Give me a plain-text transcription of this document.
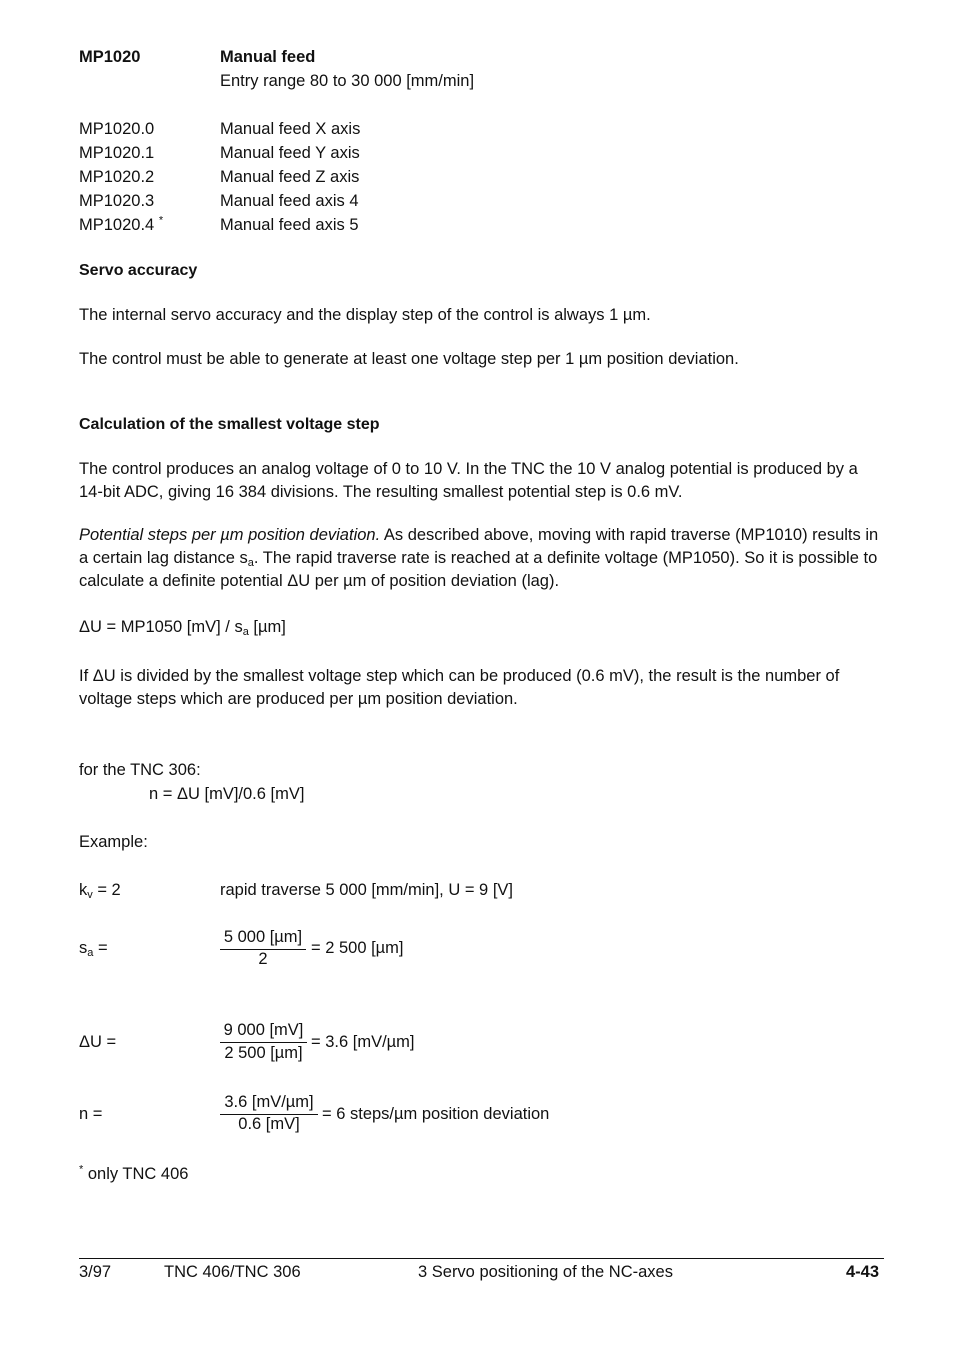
MP1020	Manual feed
Entry range 80 to 30 000 [mm/min]
MP1020.0	Manual feed X axis
MP1020.1	Manual feed Y axis
MP1020.2	Manual feed Z axis
MP1020.3	Manual feed axis 4
MP1020.4 *	Manual feed axis 5
Servo accuracy
The internal servo accuracy and the display step of the control is always 1 µm.
The control must be able to generate at least one voltage step per 1 µm position deviation.
Calculation of the smallest voltage step
The control produces an analog voltage of 0 to 10 V. In the TNC the 10 V analog potential is produced by a 14-bit ADC, giving 16 384 divisions. The resulting smallest potential step is 0.6 mV.
Potential steps per µm position deviation. As described above, moving with rapid traverse (MP1010) results in a certain lag distance $s_a$. The rapid traverse rate is reached at a definite voltage (MP1050). So it is possible to calculate a definite potential ΔU per µm of position deviation (lag).
ΔU = MP1050 $[mV] / s_a$ [µm]
If ΔU is divided by the smallest voltage step which can be produced (0.6 mV), the result is the number of voltage steps which are produced per µm position deviation.
for the TNC 306:
n = ΔU [mV]/0.6 [mV]
Example:
$k_v = 2$	rapid traverse 5 000 [mm/min], U = 9 [V]
$s_a$ =
5 000 [µm]
2
= 2 500 [µm]
ΔU =
9 000 [mV]
2 500 [µm]
= 3.6 [mV/µm]
n =
3.6 [mV/µm]
0.6 [mV]
= 6 steps/µm position deviation
* only TNC 406
3/97	TNC 406/TNC 306	3 Servo positioning of the NC-axes	4-43
